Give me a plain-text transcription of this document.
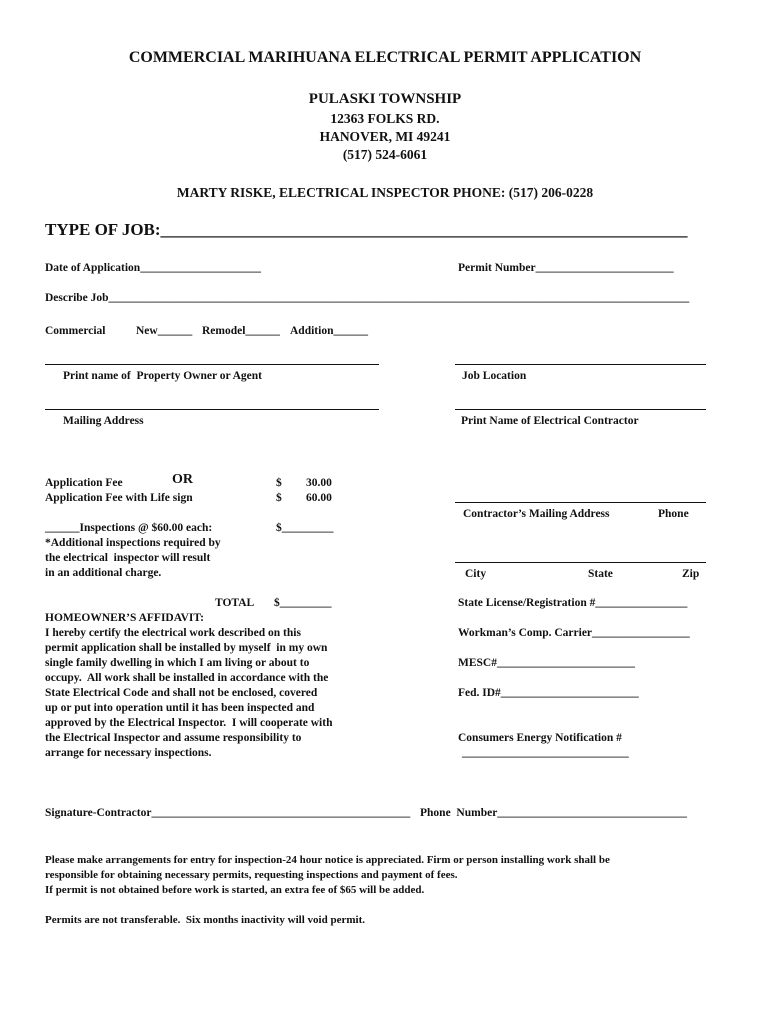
COMMERCIAL MARIHUANA ELECTRICAL PERMIT APPLICATION
PULASKI TOWNSHIP
12363 FOLKS RD.
HANOVER, MI 49241
(517) 524-6061
MARTY RISKE, ELECTRICAL INSPECTOR PHONE: (517) 206-0228
TYPE OF JOB:______________________________________________________________
Date of Application_____________________	Permit Number________________________
Describe Job_____________________________________________________________________________________________________
Commercial	New______ Remodel______ Addition______
Print name of  Property Owner or Agent	Job Location
Mailing Address	Print Name of Electrical Contractor
Application Fee	OR	$ 30.00
Application Fee with Life sign	$ 60.00
______Inspections @ $60.00 each:	$_________
*Additional inspections required by
the electrical  inspector will result
in an additional charge.
TOTAL $_________
HOMEOWNER’S AFFIDAVIT:
I hereby certify the electrical work described on this
permit application shall be installed by myself  in my own
single family dwelling in which I am living or about to
occupy.  All work shall be installed in accordance with the
State Electrical Code and shall not be enclosed, covered
up or put into operation until it has been inspected and
approved by the Electrical Inspector.  I will cooperate with
the Electrical Inspector and assume responsibility to
arrange for necessary inspections.
Contractor’s Mailing Address	Phone
City	State	Zip
State License/Registration #________________
Workman’s Comp. Carrier_________________
MESC#________________________
Fed. ID#________________________
Consumers Energy Notification #
_____________________________
Signature-Contractor_____________________________________________ Phone  Number_________________________________
Please make arrangements for entry for inspection-24 hour notice is appreciated. Firm or person installing work shall be
responsible for obtaining necessary permits, requesting inspections and payment of fees.
If permit is not obtained before work is started, an extra fee of $65 will be added.
Permits are not transferable.  Six months inactivity will void permit.
